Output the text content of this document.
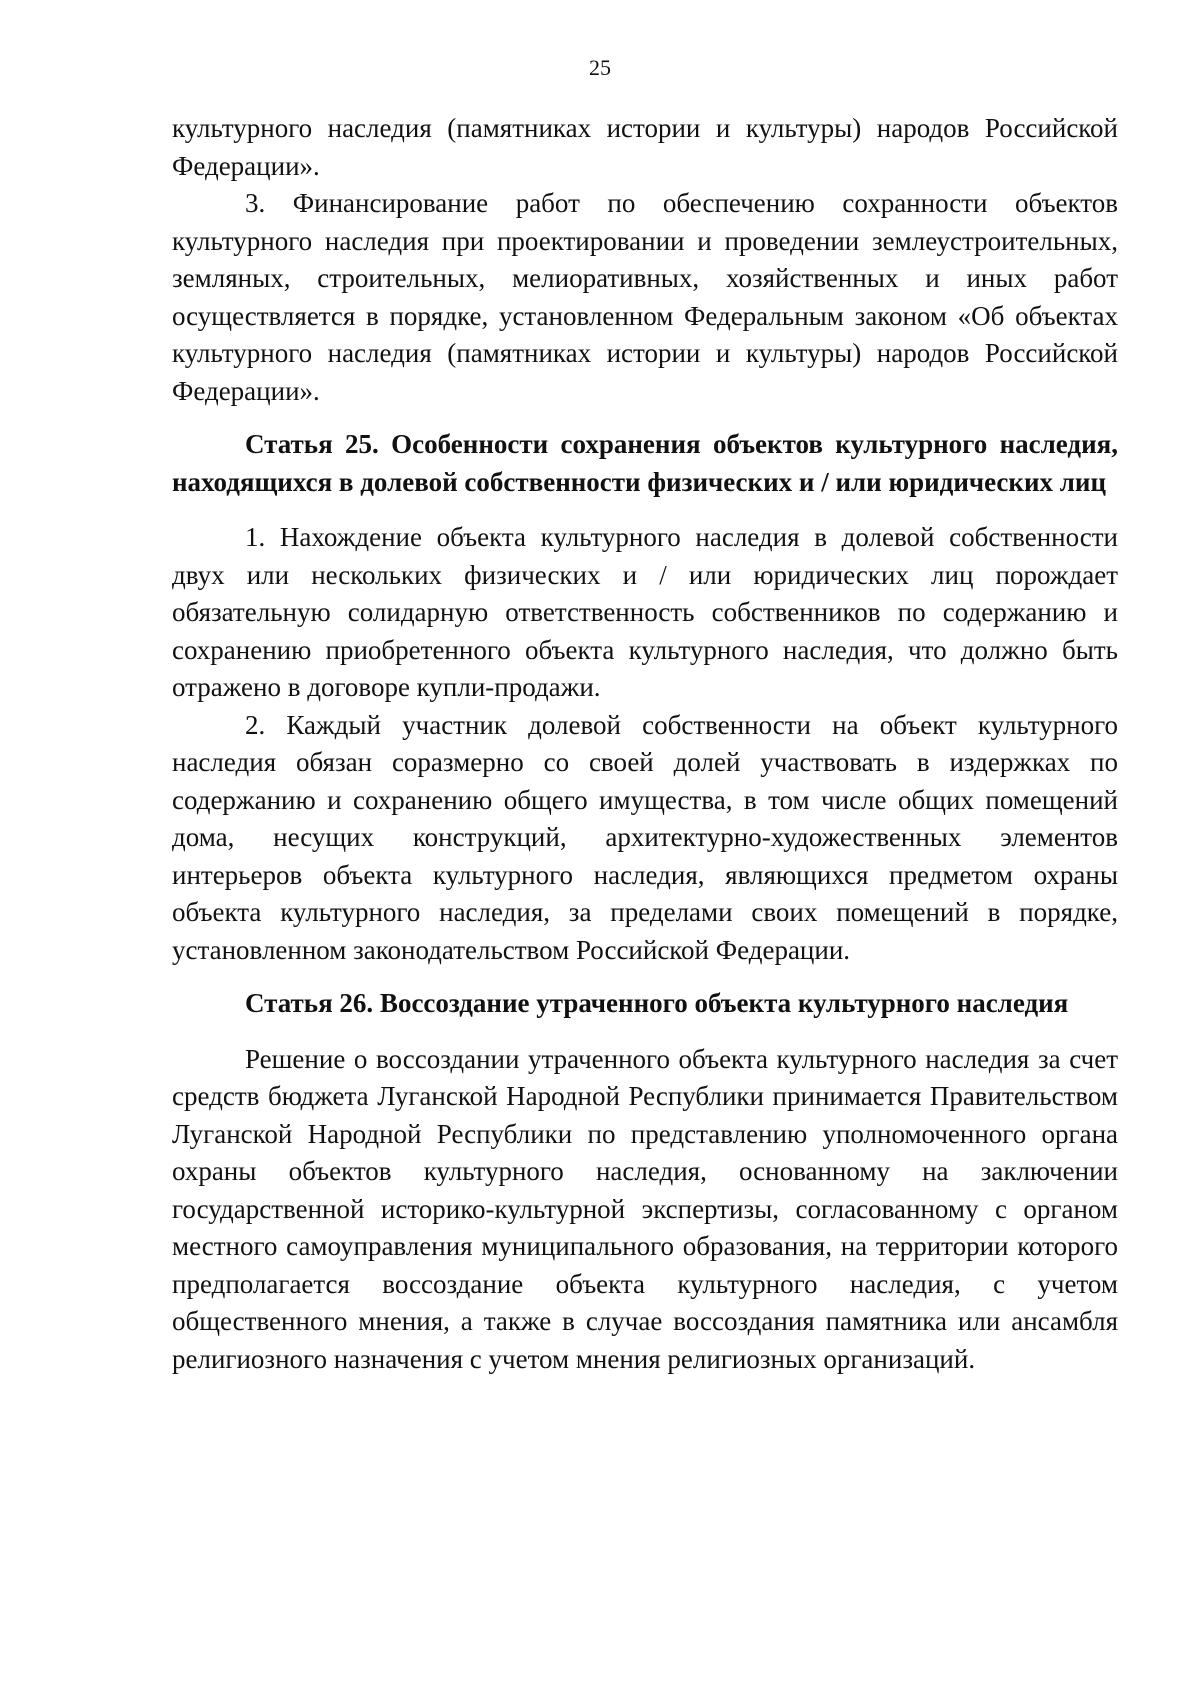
25

культурного наследия (памятниках истории и культуры) народов Российской Федерации».

3. Финансирование работ по обеспечению сохранности объектов культурного наследия при проектировании и проведении землеустроительных, земляных, строительных, мелиоративных, хозяйственных и иных работ осуществляется в порядке, установленном Федеральным законом «Об объектах культурного наследия (памятниках истории и культуры) народов Российской Федерации».

Статья 25. Особенности сохранения объектов культурного наследия, находящихся в долевой собственности физических и / или юридических лиц

1. Нахождение объекта культурного наследия в долевой собственности двух или нескольких физических и / или юридических лиц порождает обязательную солидарную ответственность собственников по содержанию и сохранению приобретенного объекта культурного наследия, что должно быть отражено в договоре купли-продажи.

2. Каждый участник долевой собственности на объект культурного наследия обязан соразмерно со своей долей участвовать в издержках по содержанию и сохранению общего имущества, в том числе общих помещений дома, несущих конструкций, архитектурно-художественных элементов интерьеров объекта культурного наследия, являющихся предметом охраны объекта культурного наследия, за пределами своих помещений в порядке, установленном законодательством Российской Федерации.

Статья 26. Воссоздание утраченного объекта культурного наследия

Решение о воссоздании утраченного объекта культурного наследия за счет средств бюджета Луганской Народной Республики принимается Правительством Луганской Народной Республики по представлению уполномоченного органа охраны объектов культурного наследия, основанному на заключении государственной историко-культурной экспертизы, согласованному с органом местного самоуправления муниципального образования, на территории которого предполагается воссоздание объекта культурного наследия, с учетом общественного мнения, а также в случае воссоздания памятника или ансамбля религиозного назначения с учетом мнения религиозных организаций.
